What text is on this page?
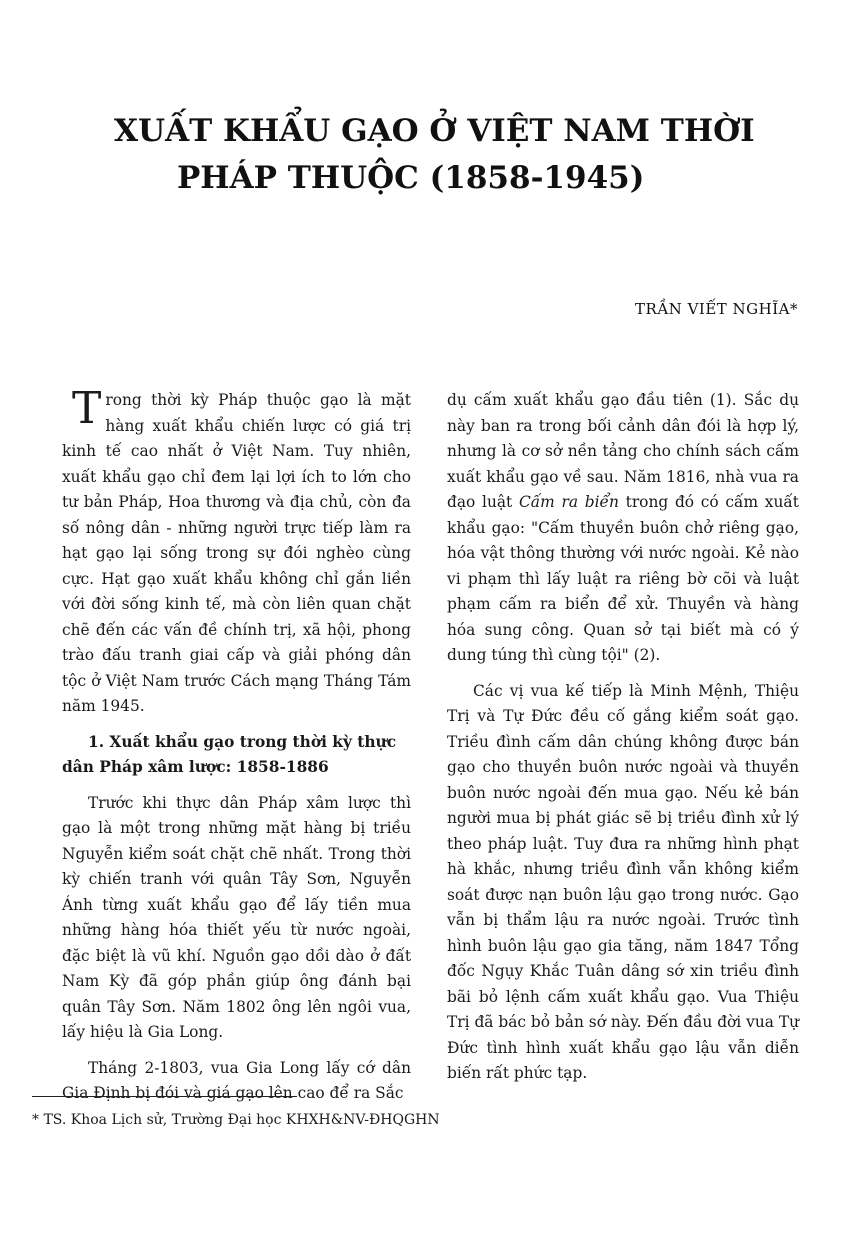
XUẤT KHẨU GẠO Ở VIỆT NAM THỜI
PHÁP THUỘC (1858-1945)
TRẦN VIẾT NGHĨA*

Trong thời kỳ Pháp thuộc gạo là mặt hàng xuất khẩu chiến lược có giá trị kinh tế cao nhất ở Việt Nam. Tuy nhiên, xuất khẩu gạo chỉ đem lại lợi ích to lớn cho tư bản Pháp, Hoa thương và địa chủ, còn đa số nông dân - những người trực tiếp làm ra hạt gạo lại sống trong sự đói nghèo cùng cực. Hạt gạo xuất khẩu không chỉ gắn liền với đời sống kinh tế, mà còn liên quan chặt chẽ đến các vấn đề chính trị, xã hội, phong trào đấu tranh giai cấp và giải phóng dân tộc ở Việt Nam trước Cách mạng Tháng Tám năm 1945.

1. Xuất khẩu gạo trong thời kỳ thực dân Pháp xâm lược: 1858-1886

Trước khi thực dân Pháp xâm lược thì gạo là một trong những mặt hàng bị triều Nguyễn kiểm soát chặt chẽ nhất. Trong thời kỳ chiến tranh với quân Tây Sơn, Nguyễn Ánh từng xuất khẩu gạo để lấy tiền mua những hàng hóa thiết yếu từ nước ngoài, đặc biệt là vũ khí. Nguồn gạo dồi dào ở đất Nam Kỳ đã góp phần giúp ông đánh bại quân Tây Sơn. Năm 1802 ông lên ngôi vua, lấy hiệu là Gia Long.

Tháng 2-1803, vua Gia Long lấy cớ dân Gia Định bị đói và giá gạo lên cao để ra Sắc

dụ cấm xuất khẩu gạo đầu tiên (1). Sắc dụ này ban ra trong bối cảnh dân đói là hợp lý, nhưng là cơ sở nền tảng cho chính sách cấm xuất khẩu gạo về sau. Năm 1816, nhà vua ra đạo luật Cấm ra biển trong đó có cấm xuất khẩu gạo: "Cấm thuyền buôn chở riêng gạo, hóa vật thông thường với nước ngoài. Kẻ nào vi phạm thì lấy luật ra riêng bờ cõi và luật phạm cấm ra biển để xử. Thuyền và hàng hóa sung công. Quan sở tại biết mà có ý dung túng thì cùng tội" (2).

Các vị vua kế tiếp là Minh Mệnh, Thiệu Trị và Tự Đức đều cố gắng kiểm soát gạo. Triều đình cấm dân chúng không được bán gạo cho thuyền buôn nước ngoài và thuyền buôn nước ngoài đến mua gạo. Nếu kẻ bán người mua bị phát giác sẽ bị triều đình xử lý theo pháp luật. Tuy đưa ra những hình phạt hà khắc, nhưng triều đình vẫn không kiểm soát được nạn buôn lậu gạo trong nước. Gạo vẫn bị thẩm lậu ra nước ngoài. Trước tình hình buôn lậu gạo gia tăng, năm 1847 Tổng đốc Ngụy Khắc Tuân dâng sớ xin triều đình bãi bỏ lệnh cấm xuất khẩu gạo. Vua Thiệu Trị đã bác bỏ bản sớ này. Đến đầu đời vua Tự Đức tình hình xuất khẩu gạo lậu vẫn diễn biến rất phức tạp.

* TS. Khoa Lịch sử, Trường Đại học KHXH&NV-ĐHQGHN
